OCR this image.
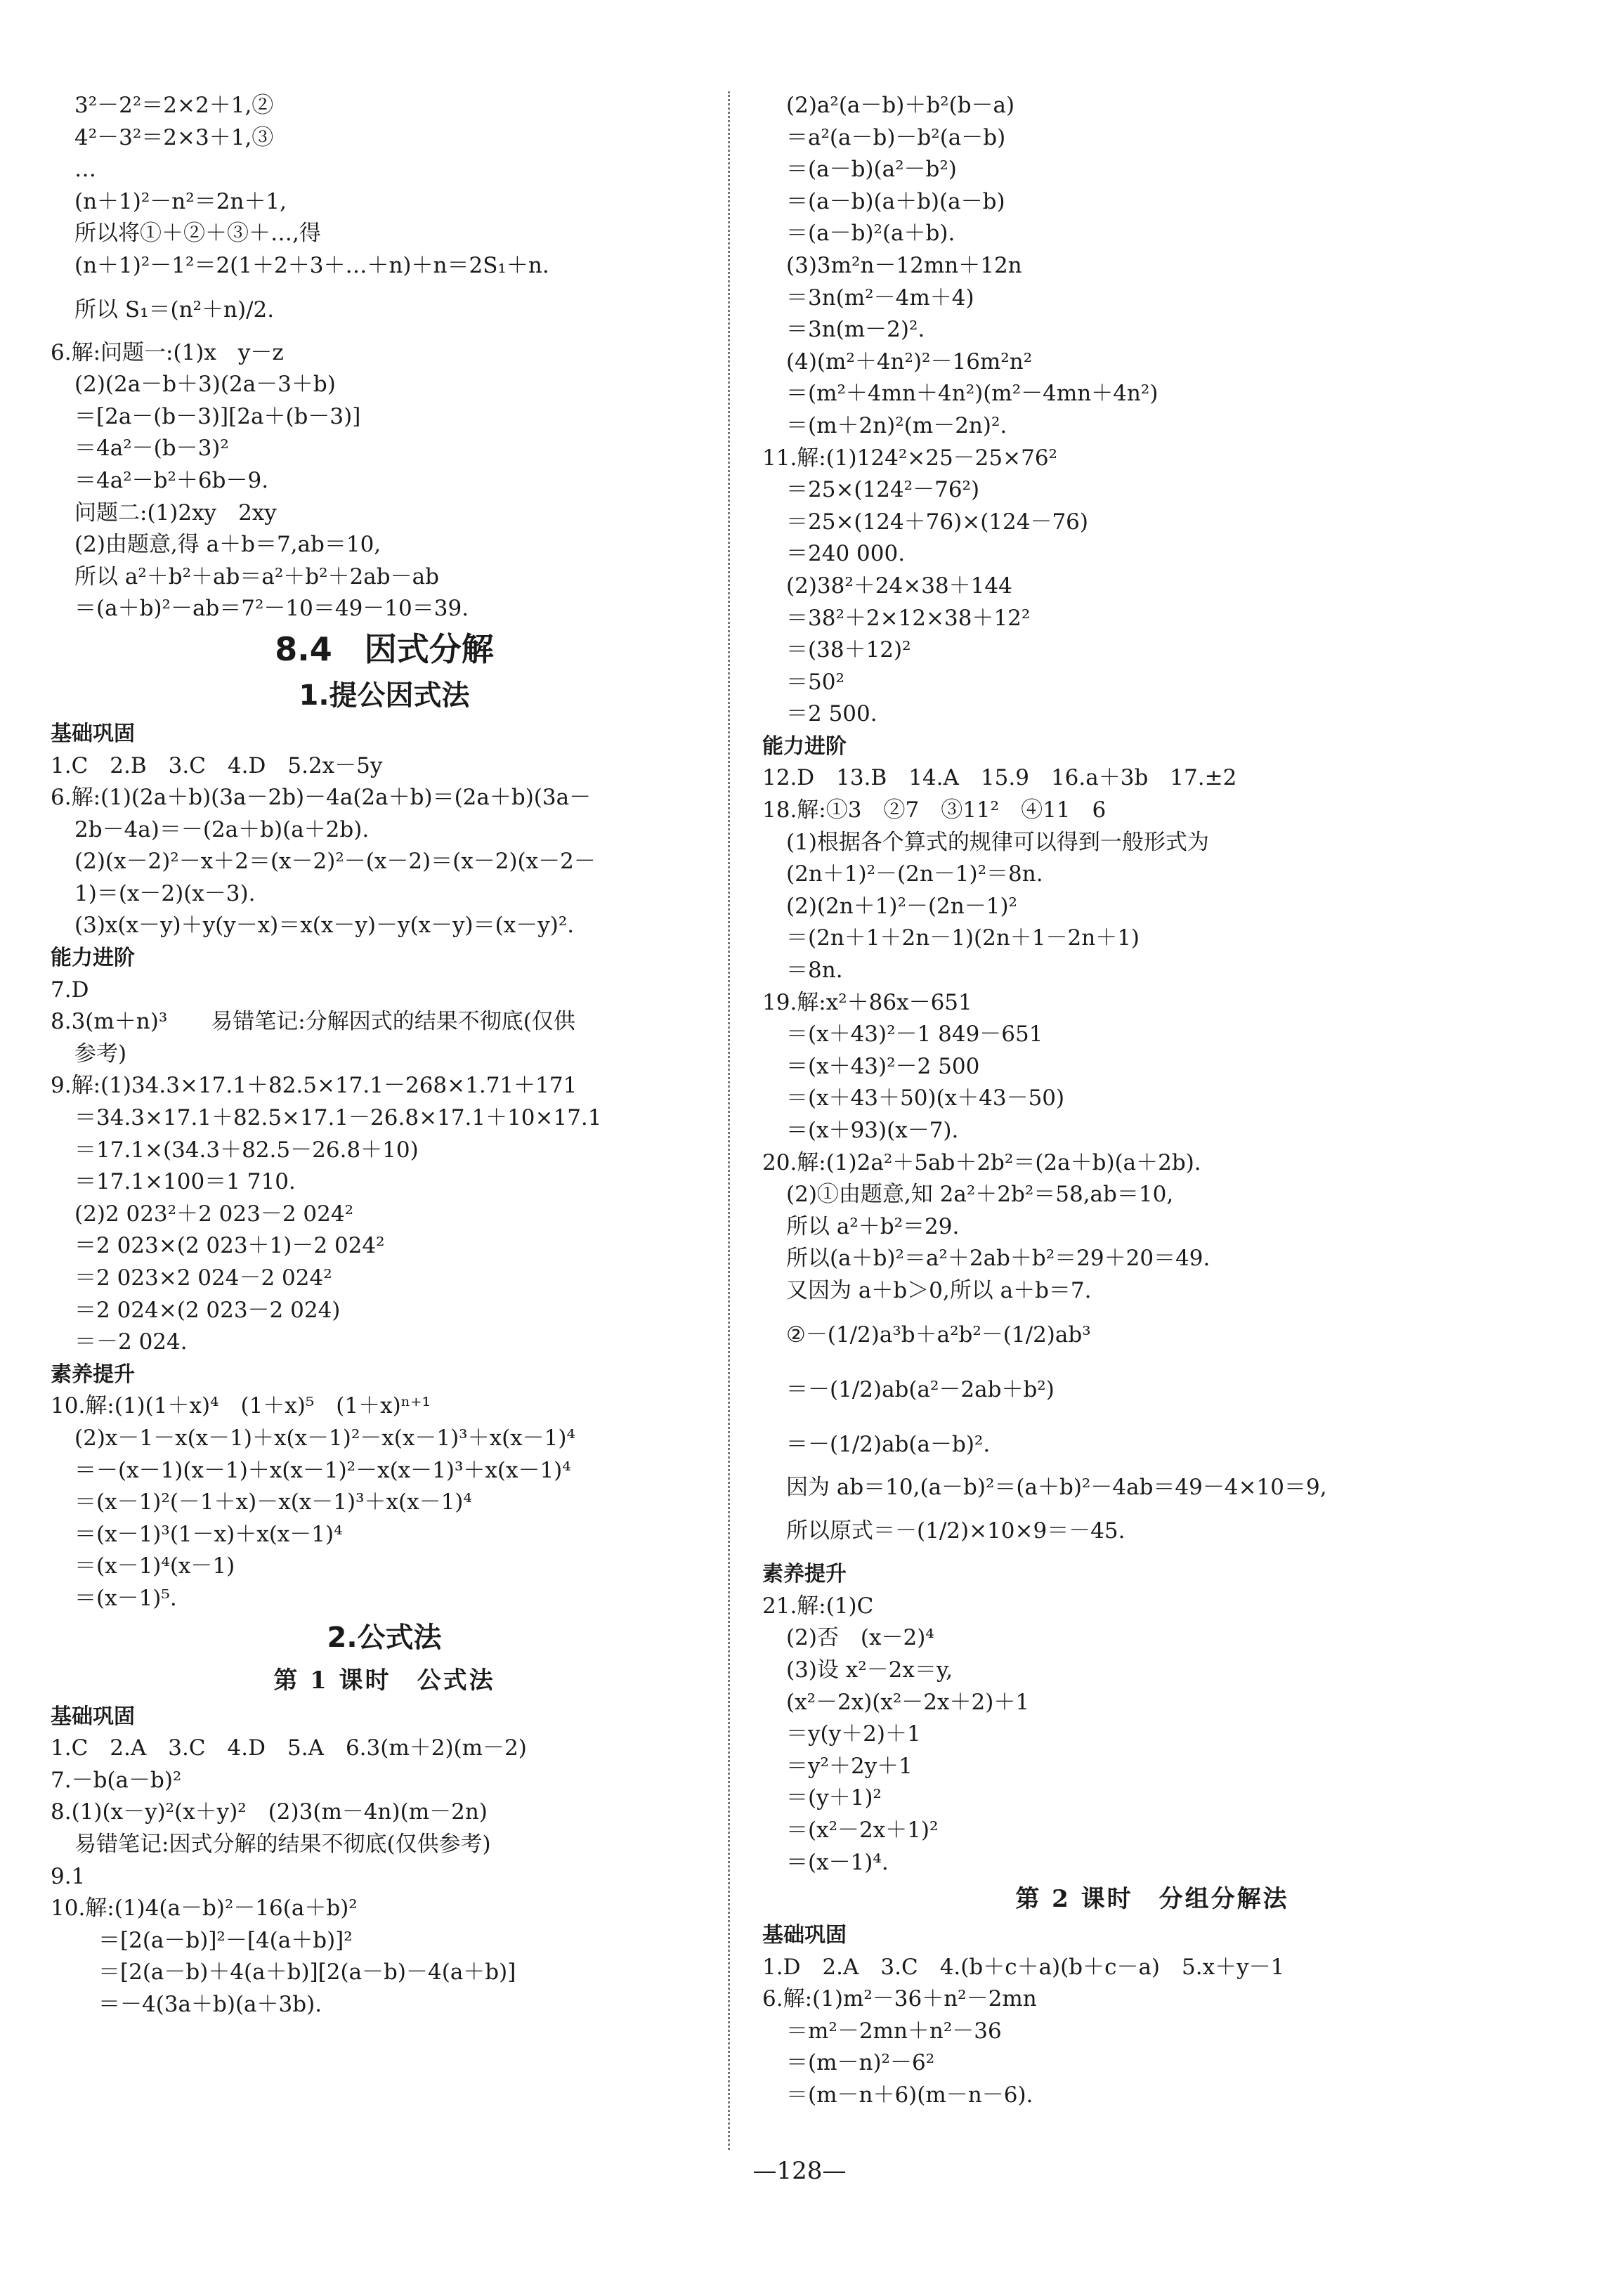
3²－2²＝2×2＋1,②
4²－3²＝2×3＋1,③
…
(n＋1)²－n²＝2n＋1,
所以将①＋②＋③＋…,得
(n＋1)²－1²＝2(1＋2＋3＋…＋n)＋n＝2S₁＋n.
所以 S₁＝(n²＋n)/2.
6.解:问题一:(1)x　y－z
(2)(2a－b＋3)(2a－3＋b)
＝[2a－(b－3)][2a＋(b－3)]
＝4a²－(b－3)²
＝4a²－b²＋6b－9.
问题二:(1)2xy　2xy
(2)由题意,得 a＋b＝7,ab＝10,
所以 a²＋b²＋ab＝a²＋b²＋2ab－ab
＝(a＋b)²－ab＝7²－10＝49－10＝39.
8.4　因式分解
1.提公因式法
基础巩固
1.C　2.B　3.C　4.D　5.2x－5y
6.解:(1)(2a＋b)(3a－2b)－4a(2a＋b)＝(2a＋b)(3a－
2b－4a)＝－(2a＋b)(a＋2b).
(2)(x－2)²－x＋2＝(x－2)²－(x－2)＝(x－2)(x－2－
1)＝(x－2)(x－3).
(3)x(x－y)＋y(y－x)＝x(x－y)－y(x－y)＝(x－y)².
能力进阶
7.D
8.3(m＋n)³　　易错笔记:分解因式的结果不彻底(仅供
参考)
9.解:(1)34.3×17.1＋82.5×17.1－268×1.71＋171
＝34.3×17.1＋82.5×17.1－26.8×17.1＋10×17.1
＝17.1×(34.3＋82.5－26.8＋10)
＝17.1×100＝1 710.
(2)2 023²＋2 023－2 024²
＝2 023×(2 023＋1)－2 024²
＝2 023×2 024－2 024²
＝2 024×(2 023－2 024)
＝－2 024.
素养提升
10.解:(1)(1＋x)⁴　(1＋x)⁵　(1＋x)ⁿ⁺¹
(2)x－1－x(x－1)＋x(x－1)²－x(x－1)³＋x(x－1)⁴
＝－(x－1)(x－1)＋x(x－1)²－x(x－1)³＋x(x－1)⁴
＝(x－1)²(－1＋x)－x(x－1)³＋x(x－1)⁴
＝(x－1)³(1－x)＋x(x－1)⁴
＝(x－1)⁴(x－1)
＝(x－1)⁵.
2.公式法
第 1 课时　公式法
基础巩固
1.C　2.A　3.C　4.D　5.A　6.3(m＋2)(m－2)
7.－b(a－b)²
8.(1)(x－y)²(x＋y)²　(2)3(m－4n)(m－2n)
易错笔记:因式分解的结果不彻底(仅供参考)
9.1
10.解:(1)4(a－b)²－16(a＋b)²
＝[2(a－b)]²－[4(a＋b)]²
＝[2(a－b)＋4(a＋b)][2(a－b)－4(a＋b)]
＝－4(3a＋b)(a＋3b).
(2)a²(a－b)＋b²(b－a)
＝a²(a－b)－b²(a－b)
＝(a－b)(a²－b²)
＝(a－b)(a＋b)(a－b)
＝(a－b)²(a＋b).
(3)3m²n－12mn＋12n
＝3n(m²－4m＋4)
＝3n(m－2)².
(4)(m²＋4n²)²－16m²n²
＝(m²＋4mn＋4n²)(m²－4mn＋4n²)
＝(m＋2n)²(m－2n)².
11.解:(1)124²×25－25×76²
＝25×(124²－76²)
＝25×(124＋76)×(124－76)
＝240 000.
(2)38²＋24×38＋144
＝38²＋2×12×38＋12²
＝(38＋12)²
＝50²
＝2 500.
能力进阶
12.D　13.B　14.A　15.9　16.a＋3b　17.±2
18.解:①3　②7　③11²　④11　6
(1)根据各个算式的规律可以得到一般形式为
(2n＋1)²－(2n－1)²＝8n.
(2)(2n＋1)²－(2n－1)²
＝(2n＋1＋2n－1)(2n＋1－2n＋1)
＝8n.
19.解:x²＋86x－651
＝(x＋43)²－1 849－651
＝(x＋43)²－2 500
＝(x＋43＋50)(x＋43－50)
＝(x＋93)(x－7).
20.解:(1)2a²＋5ab＋2b²＝(2a＋b)(a＋2b).
(2)①由题意,知 2a²＋2b²＝58,ab＝10,
所以 a²＋b²＝29.
所以(a＋b)²＝a²＋2ab＋b²＝29＋20＝49.
又因为 a＋b＞0,所以 a＋b＝7.
②－(1/2)a³b＋a²b²－(1/2)ab³
＝－(1/2)ab(a²－2ab＋b²)
＝－(1/2)ab(a－b)².
因为 ab＝10,(a－b)²＝(a＋b)²－4ab＝49－4×10＝9,
所以原式＝－(1/2)×10×9＝－45.
素养提升
21.解:(1)C
(2)否　(x－2)⁴
(3)设 x²－2x＝y,
(x²－2x)(x²－2x＋2)＋1
＝y(y＋2)＋1
＝y²＋2y＋1
＝(y＋1)²
＝(x²－2x＋1)²
＝(x－1)⁴.
第 2 课时　分组分解法
基础巩固
1.D　2.A　3.C　4.(b＋c＋a)(b＋c－a)　5.x＋y－1
6.解:(1)m²－36＋n²－2mn
＝m²－2mn＋n²－36
＝(m－n)²－6²
＝(m－n＋6)(m－n－6).
—128—
